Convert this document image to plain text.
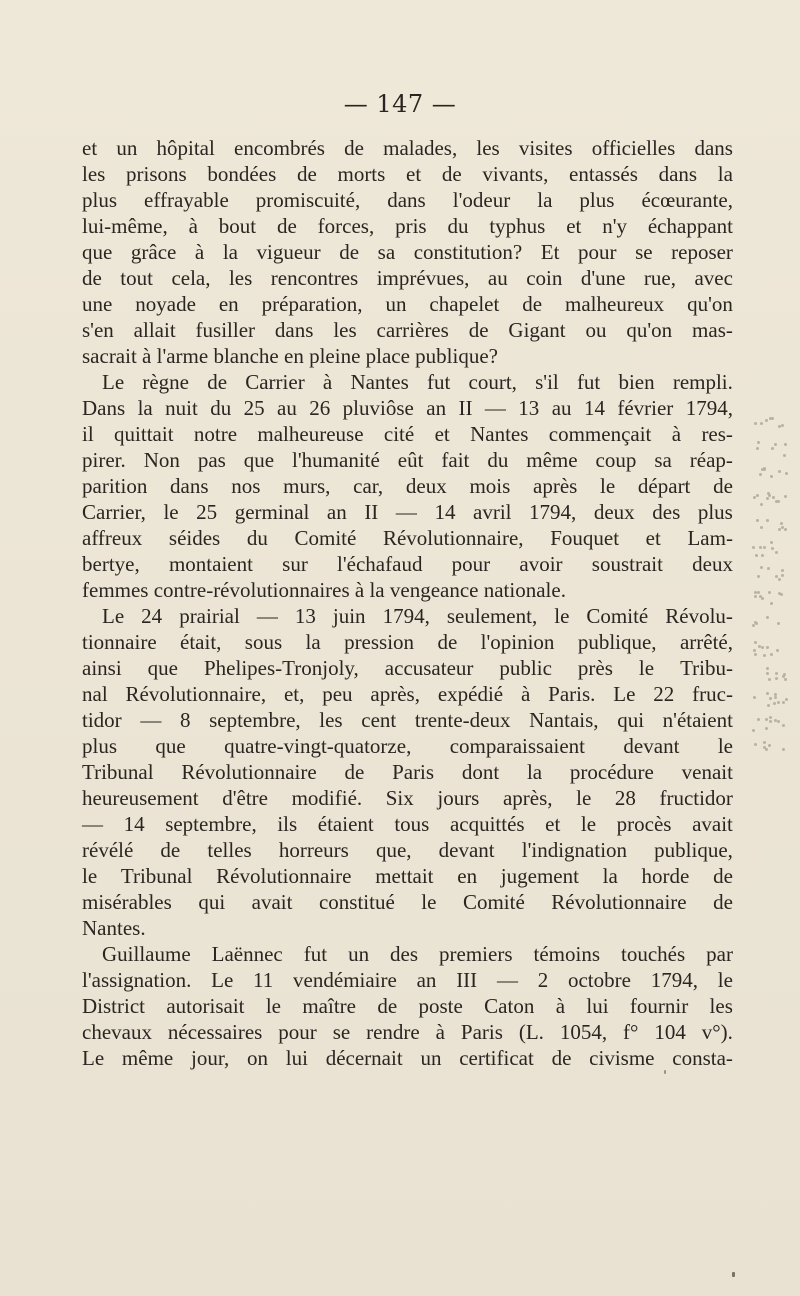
— 147 —
et un hôpital encombrés de malades, les visites officielles dans
les prisons bondées de morts et de vivants, entassés dans la
plus effrayable promiscuité, dans l'odeur la plus écœurante,
lui-même, à bout de forces, pris du typhus et n'y échappant
que grâce à la vigueur de sa constitution? Et pour se reposer
de tout cela, les rencontres imprévues, au coin d'une rue, avec
une noyade en préparation, un chapelet de malheureux qu'on
s'en allait fusiller dans les carrières de Gigant ou qu'on mas-
sacrait à l'arme blanche en pleine place publique?
Le règne de Carrier à Nantes fut court, s'il fut bien rempli.
Dans la nuit du 25 au 26 pluviôse an II — 13 au 14 février 1794,
il quittait notre malheureuse cité et Nantes commençait à res-
pirer. Non pas que l'humanité eût fait du même coup sa réap-
parition dans nos murs, car, deux mois après le départ de
Carrier, le 25 germinal an II — 14 avril 1794, deux des plus
affreux séides du Comité Révolutionnaire, Fouquet et Lam-
bertye, montaient sur l'échafaud pour avoir soustrait deux
femmes contre-révolutionnaires à la vengeance nationale.
Le 24 prairial — 13 juin 1794, seulement, le Comité Révolu-
tionnaire était, sous la pression de l'opinion publique, arrêté,
ainsi que Phelipes-Tronjoly, accusateur public près le Tribu-
nal Révolutionnaire, et, peu après, expédié à Paris. Le 22 fruc-
tidor — 8 septembre, les cent trente-deux Nantais, qui n'étaient
plus que quatre-vingt-quatorze, comparaissaient devant le
Tribunal Révolutionnaire de Paris dont la procédure venait
heureusement d'être modifié. Six jours après, le 28 fructidor
— 14 septembre, ils étaient tous acquittés et le procès avait
révélé de telles horreurs que, devant l'indignation publique,
le Tribunal Révolutionnaire mettait en jugement la horde de
misérables qui avait constitué le Comité Révolutionnaire de
Nantes.
Guillaume Laënnec fut un des premiers témoins touchés par
l'assignation. Le 11 vendémiaire an III — 2 octobre 1794, le
District autorisait le maître de poste Caton à lui fournir les
chevaux nécessaires pour se rendre à Paris (L. 1054, f° 104 v°).
Le même jour, on lui décernait un certificat de civisme consta-
